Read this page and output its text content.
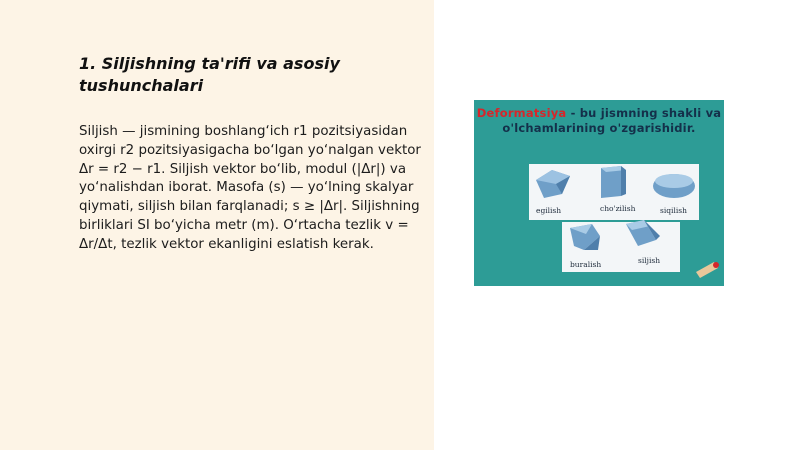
1. Siljishning ta'rifi va asosiy tushunchalari

Siljish — jismining boshlang‘ich r1 pozitsiyasidan oxirgi r2 pozitsiyasigacha bo‘lgan yo‘nalgan vektor Δr = r2 − r1. Siljish vektor bo‘lib, modul (|Δr|) va yo‘nalishdan iborat. Masofa (s) — yo‘lning skalyar qiymati, siljish bilan farqlanadi; s ≥ |Δr|. Siljishning birliklari SI bo‘yicha metr (m). O‘rtacha tezlik v = Δr/Δt, tezlik vektor ekanligini eslatish kerak.

Deformatsiya - bu jismning shakli va o'lchamlarining o'zgarishidir.
egilish	cho'zilish	siqilish
buralish	siljish
